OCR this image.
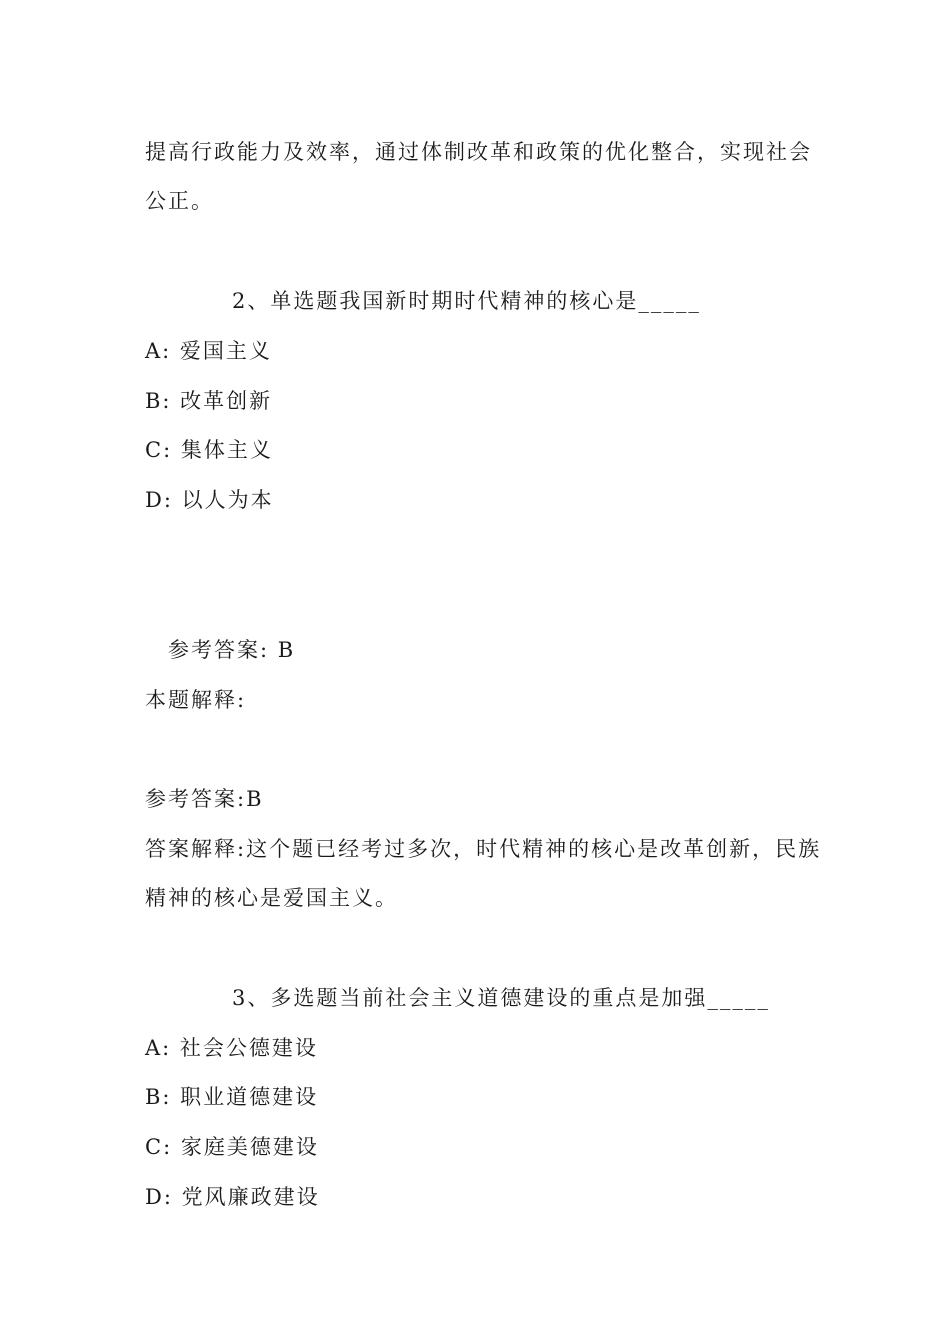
提高行政能力及效率，通过体制改革和政策的优化整合，实现社会
公正。
2、单选题我国新时期时代精神的核心是_____
A: 爱国主义
B: 改革创新
C: 集体主义
D: 以人为本
参考答案: B
本题解释:
参考答案:B
答案解释:这个题已经考过多次，时代精神的核心是改革创新，民族
精神的核心是爱国主义。
3、多选题当前社会主义道德建设的重点是加强_____
A: 社会公德建设
B: 职业道德建设
C: 家庭美德建设
D: 党风廉政建设
